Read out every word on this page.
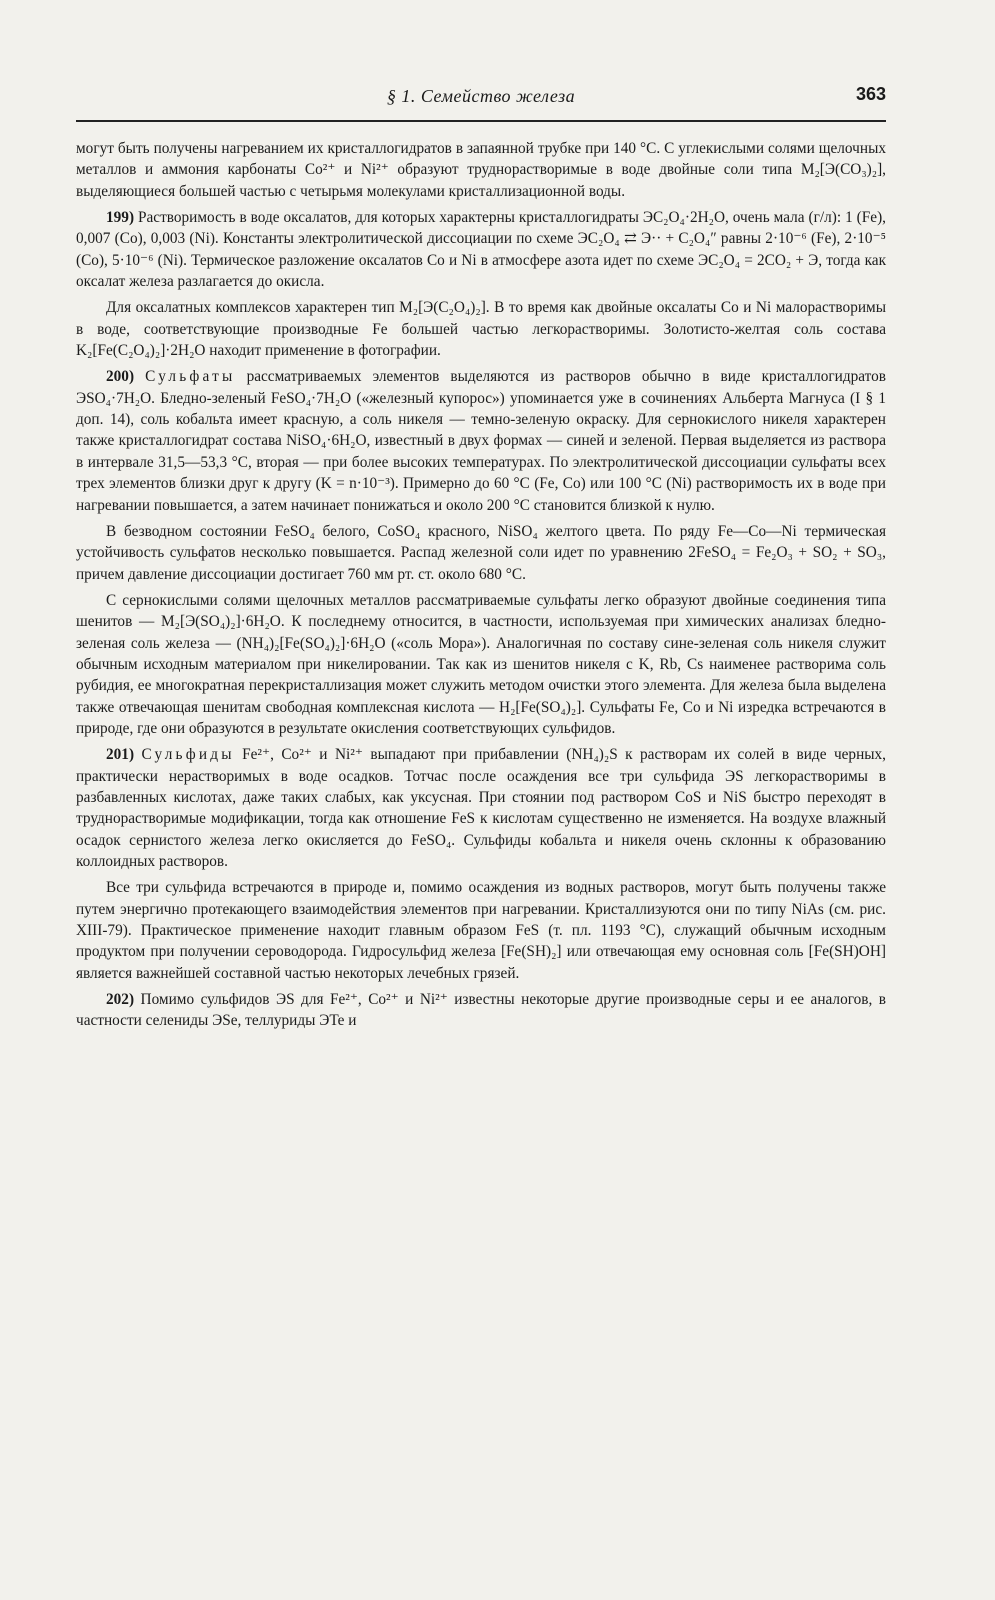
§ 1. Семейство железа	363

могут быть получены нагреванием их кристаллогидратов в запаянной трубке при 140 °С. С углекислыми солями щелочных металлов и аммония карбонаты Co²⁺ и Ni²⁺ образуют труднорастворимые в воде двойные соли типа M₂[Э(CO₃)₂], выделяющиеся большей частью с четырьмя молекулами кристаллизационной воды.

199) Растворимость в воде оксалатов, для которых характерны кристаллогидраты ЭC₂O₄·2H₂O, очень мала (г/л): 1 (Fe), 0,007 (Co), 0,003 (Ni). Константы электролитической диссоциации по схеме ЭC₂O₄ ⇄ Э·· + C₂O₄″ равны 2·10⁻⁶ (Fe), 2·10⁻⁵ (Co), 5·10⁻⁶ (Ni). Термическое разложение оксалатов Co и Ni в атмосфере азота идет по схеме ЭC₂O₄ = 2CO₂ + Э, тогда как оксалат железа разлагается до окисла.

Для оксалатных комплексов характерен тип M₂[Э(C₂O₄)₂]. В то время как двойные оксалаты Co и Ni малорастворимы в воде, соответствующие производные Fe большей частью легкорастворимы. Золотисто-желтая соль состава K₂[Fe(C₂O₄)₂]·2H₂O находит применение в фотографии.

200) Сульфаты рассматриваемых элементов выделяются из растворов обычно в виде кристаллогидратов ЭSO₄·7H₂O. Бледно-зеленый FeSO₄·7H₂O («железный купорос») упоминается уже в сочинениях Альберта Магнуса (I § 1 доп. 14), соль кобальта имеет красную, а соль никеля — темно-зеленую окраску. Для сернокислого никеля характерен также кристаллогидрат состава NiSO₄·6H₂O, известный в двух формах — синей и зеленой. Первая выделяется из раствора в интервале 31,5—53,3 °С, вторая — при более высоких температурах. По электролитической диссоциации сульфаты всех трех элементов близки друг к другу (K = n·10⁻³). Примерно до 60 °С (Fe, Co) или 100 °С (Ni) растворимость их в воде при нагревании повышается, а затем начинает понижаться и около 200 °С становится близкой к нулю.

В безводном состоянии FeSO₄ белого, CoSO₄ красного, NiSO₄ желтого цвета. По ряду Fe—Co—Ni термическая устойчивость сульфатов несколько повышается. Распад железной соли идет по уравнению 2FeSO₄ = Fe₂O₃ + SO₂ + SO₃, причем давление диссоциации достигает 760 мм рт. ст. около 680 °С.

С сернокислыми солями щелочных металлов рассматриваемые сульфаты легко образуют двойные соединения типа шенитов — M₂[Э(SO₄)₂]·6H₂O. К последнему относится, в частности, используемая при химических анализах бледно-зеленая соль железа — (NH₄)₂[Fe(SO₄)₂]·6H₂O («соль Мора»). Аналогичная по составу сине-зеленая соль никеля служит обычным исходным материалом при никелировании. Так как из шенитов никеля с K, Rb, Cs наименее растворима соль рубидия, ее многократная перекристаллизация может служить методом очистки этого элемента. Для железа была выделена также отвечающая шенитам свободная комплексная кислота — H₂[Fe(SO₄)₂]. Сульфаты Fe, Co и Ni изредка встречаются в природе, где они образуются в результате окисления соответствующих сульфидов.

201) Сульфиды Fe²⁺, Co²⁺ и Ni²⁺ выпадают при прибавлении (NH₄)₂S к растворам их солей в виде черных, практически нерастворимых в воде осадков. Тотчас после осаждения все три сульфида ЭS легкорастворимы в разбавленных кислотах, даже таких слабых, как уксусная. При стоянии под раствором CoS и NiS быстро переходят в труднорастворимые модификации, тогда как отношение FeS к кислотам существенно не изменяется. На воздухе влажный осадок сернистого железа легко окисляется до FeSO₄. Сульфиды кобальта и никеля очень склонны к образованию коллоидных растворов.

Все три сульфида встречаются в природе и, помимо осаждения из водных растворов, могут быть получены также путем энергично протекающего взаимодействия элементов при нагревании. Кристаллизуются они по типу NiAs (см. рис. XIII-79). Практическое применение находит главным образом FeS (т. пл. 1193 °С), служащий обычным исходным продуктом при получении сероводорода. Гидросульфид железа [Fe(SH)₂] или отвечающая ему основная соль [Fe(SH)OH] является важнейшей составной частью некоторых лечебных грязей.

202) Помимо сульфидов ЭS для Fe²⁺, Co²⁺ и Ni²⁺ известны некоторые другие производные серы и ее аналогов, в частности селениды ЭSe, теллуриды ЭTe и
